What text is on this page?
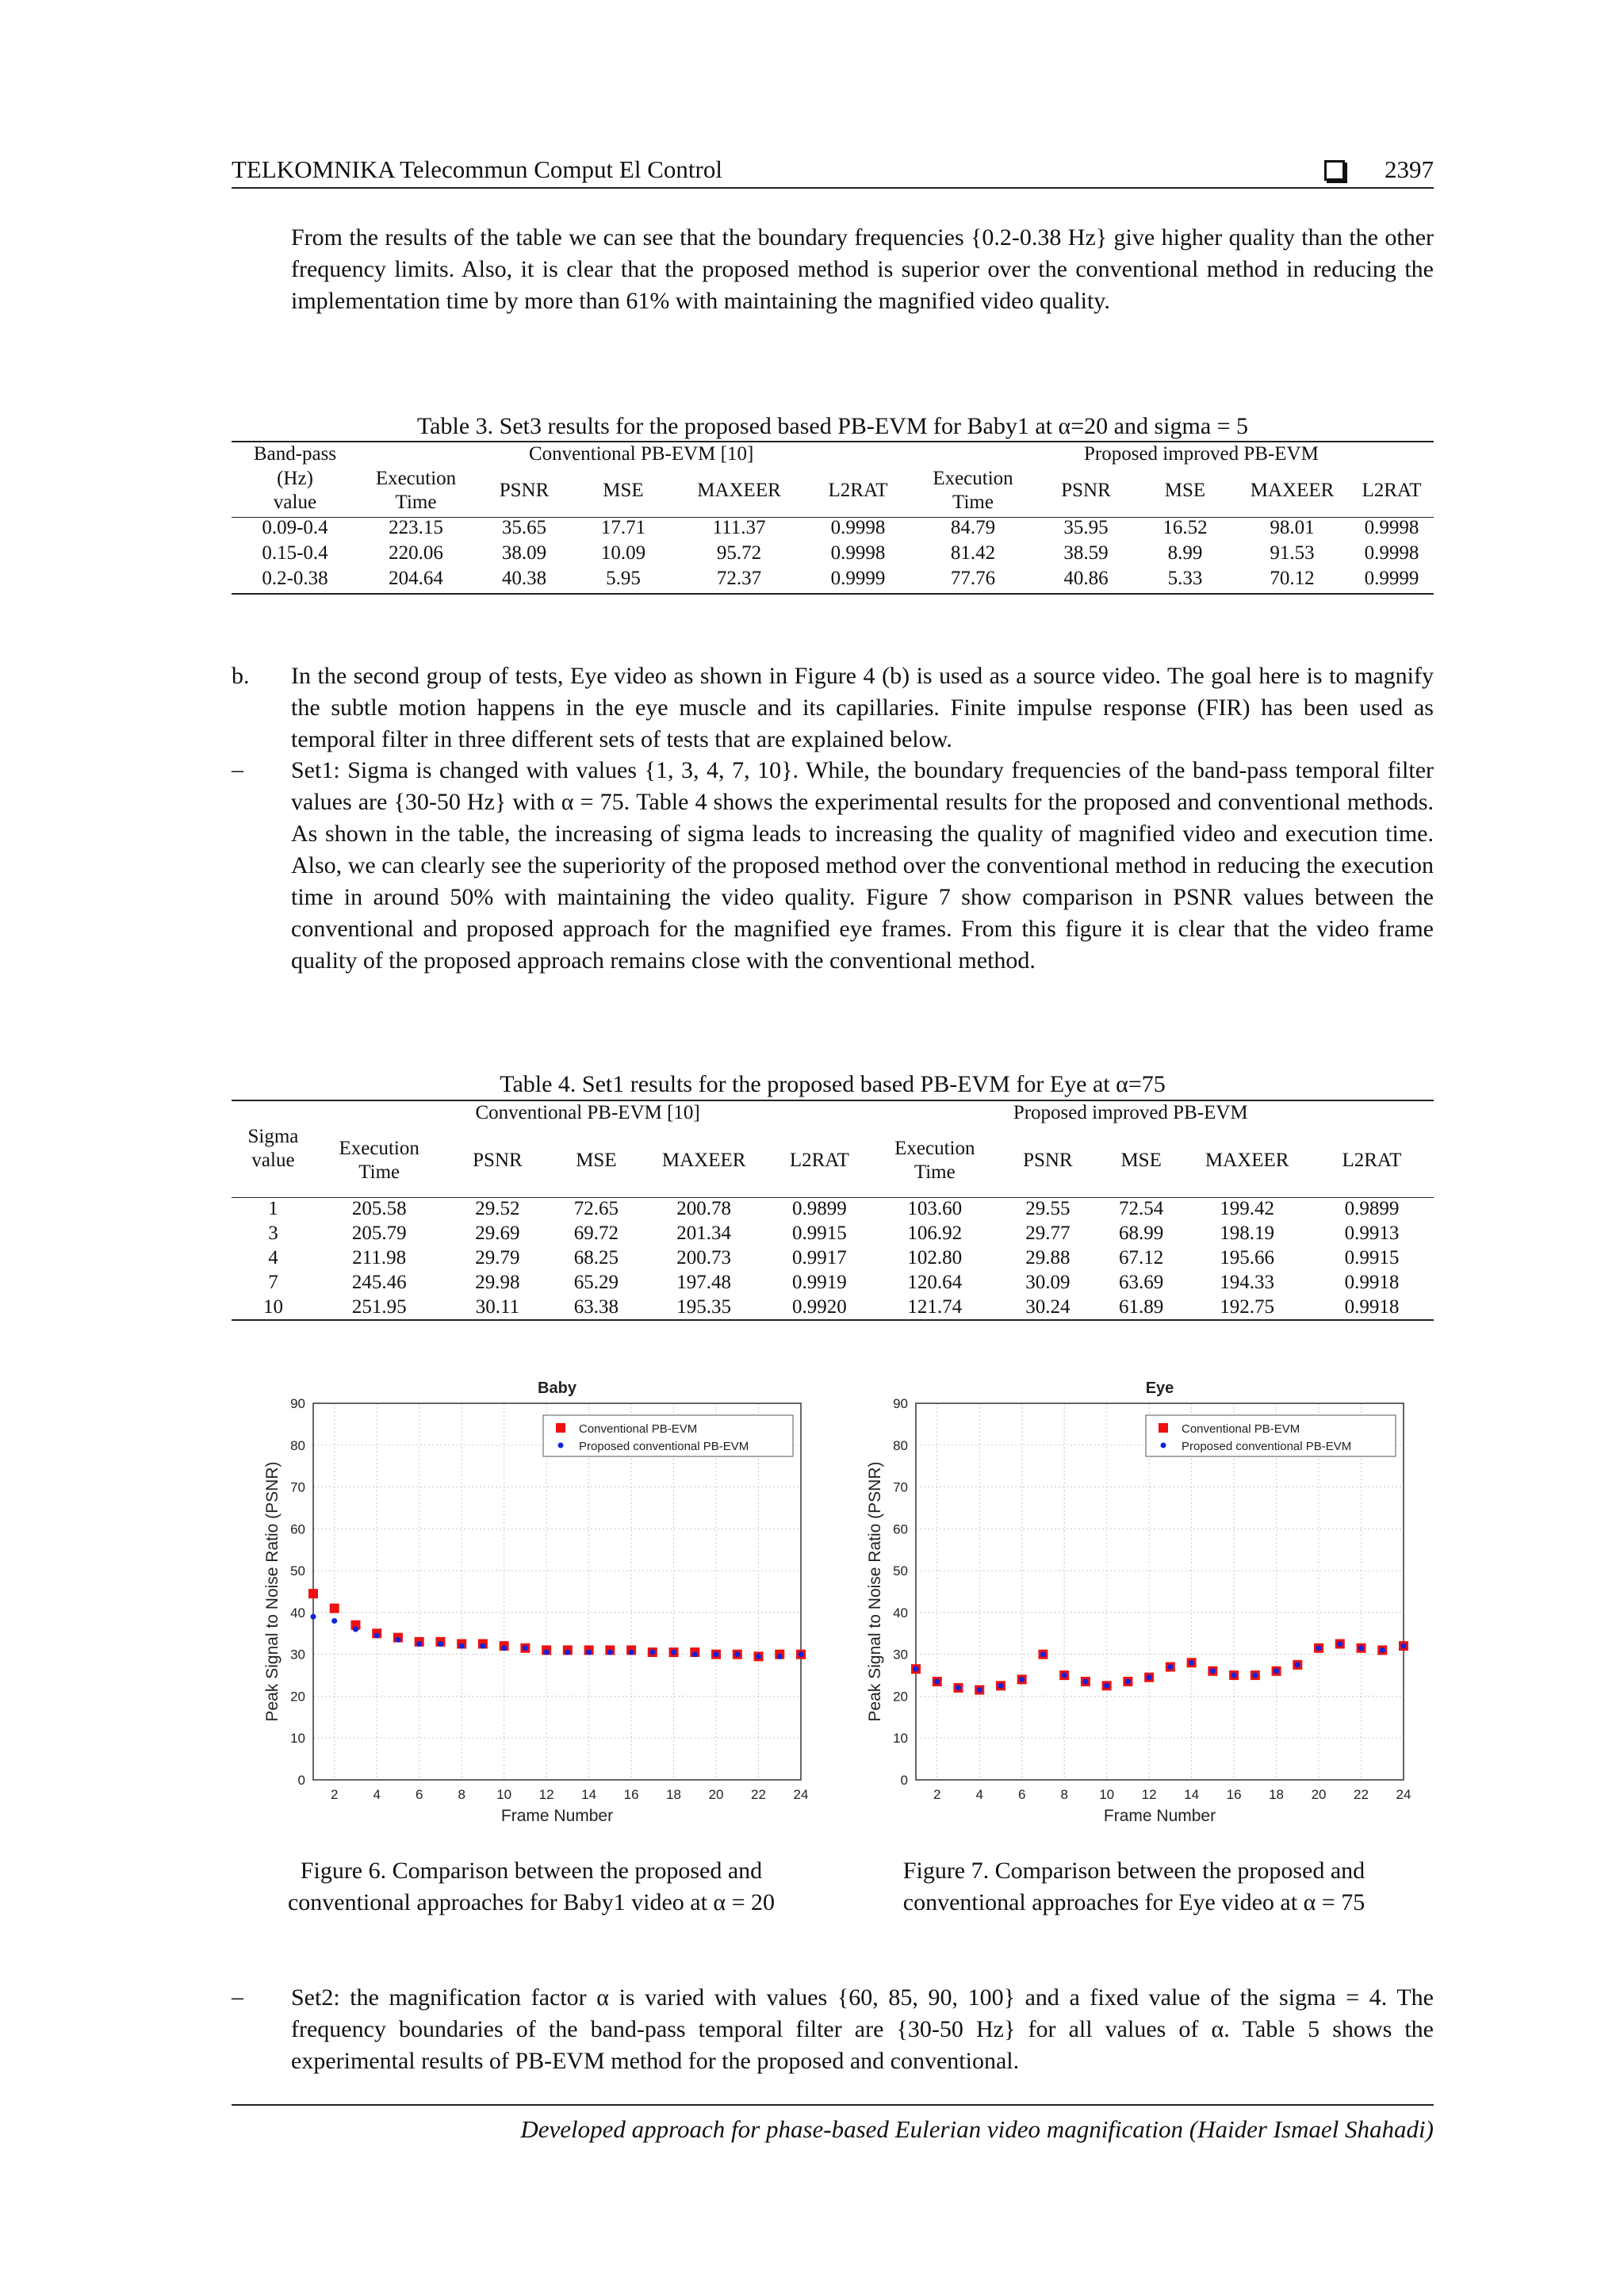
TELKOMNIKA Telecommun Comput El Control	2397

From the results of the table we can see that the boundary frequencies {0.2-0.38 Hz} give higher quality than the other frequency limits. Also, it is clear that the proposed method is superior over the conventional method in reducing the implementation time by more than 61% with maintaining the magnified video quality.

Table 3. Set3 results for the proposed based PB-EVM for Baby1 at α=20 and sigma = 5
Band-pass		Conventional PB-EVM [10]					Proposed improved PB-EVM			
(Hz)
value	Execution
Time	PSNR	MSE	MAXEER	L2RAT	Execution
Time	PSNR	MSE	MAXEER	L2RAT
0.09-0.4	223.15	35.65	17.71	111.37	0.9998	84.79	35.95	16.52	98.01	0.9998
0.15-0.4	220.06	38.09	10.09	95.72	0.9998	81.42	38.59	8.99	91.53	0.9998
0.2-0.38	204.64	40.38	5.95	72.37	0.9999	77.76	40.86	5.33	70.12	0.9999
b. In the second group of tests, Eye video as shown in Figure 4 (b) is used as a source video. The goal here is to magnify the subtle motion happens in the eye muscle and its capillaries. Finite impulse response (FIR) has been used as temporal filter in three different sets of tests that are explained below.

– Set1: Sigma is changed with values {1, 3, 4, 7, 10}. While, the boundary frequencies of the band-pass temporal filter values are {30-50 Hz} with α = 75. Table 4 shows the experimental results for the proposed and conventional methods. As shown in the table, the increasing of sigma leads to increasing the quality of magnified video and execution time. Also, we can clearly see the superiority of the proposed method over the conventional method in reducing the execution time in around 50% with maintaining the video quality. Figure 7 show comparison in PSNR values between the conventional and proposed approach for the magnified eye frames. From this figure it is clear that the video frame quality of the proposed approach remains close with the conventional method.

Table 4. Set1 results for the proposed based PB-EVM for Eye at α=75
		Conventional PB-EVM [10]					Proposed improved PB-EVM			
Sigma
value	Execution
Time	PSNR	MSE	MAXEER	L2RAT	Execution
Time	PSNR	MSE	MAXEER	L2RAT
1	205.58	29.52	72.65	200.78	0.9899	103.60	29.55	72.54	199.42	0.9899
3	205.79	29.69	69.72	201.34	0.9915	106.92	29.77	68.99	198.19	0.9913
4	211.98	29.79	68.25	200.73	0.9917	102.80	29.88	67.12	195.66	0.9915
7	245.46	29.98	65.29	197.48	0.9919	120.64	30.09	63.69	194.33	0.9918
10	251.95	30.11	63.38	195.35	0.9920	121.74	30.24	61.89	192.75	0.9918
Baby
0
10
20
30
40
50
60
70
80
90
2	4	6	8 10 12 14 16 18 20 22 24
Frame Number
Peak Signal to Noise Ratio (PSNR)
Conventional PB-EVM
Proposed conventional PB-EVM
Eye
0
10
20
30
40
50
60
70
80
90
2	4	6	8 10 12 14 16 18 20 22 24
Frame Number
Peak Signal to Noise Ratio (PSNR)
Conventional PB-EVM
Proposed conventional PB-EVM
Figure 6. Comparison between the proposed and
conventional approaches for Baby1 video at α = 20
Figure 7. Comparison between the proposed and
conventional approaches for Eye video at α = 75
– Set2: the magnification factor α is varied with values {60, 85, 90, 100} and a fixed value of the sigma = 4. The frequency boundaries of the band-pass temporal filter are {30-50 Hz} for all values of α. Table 5 shows the experimental results of PB-EVM method for the proposed and conventional.

Developed approach for phase-based Eulerian video magnification (Haider Ismael Shahadi)
